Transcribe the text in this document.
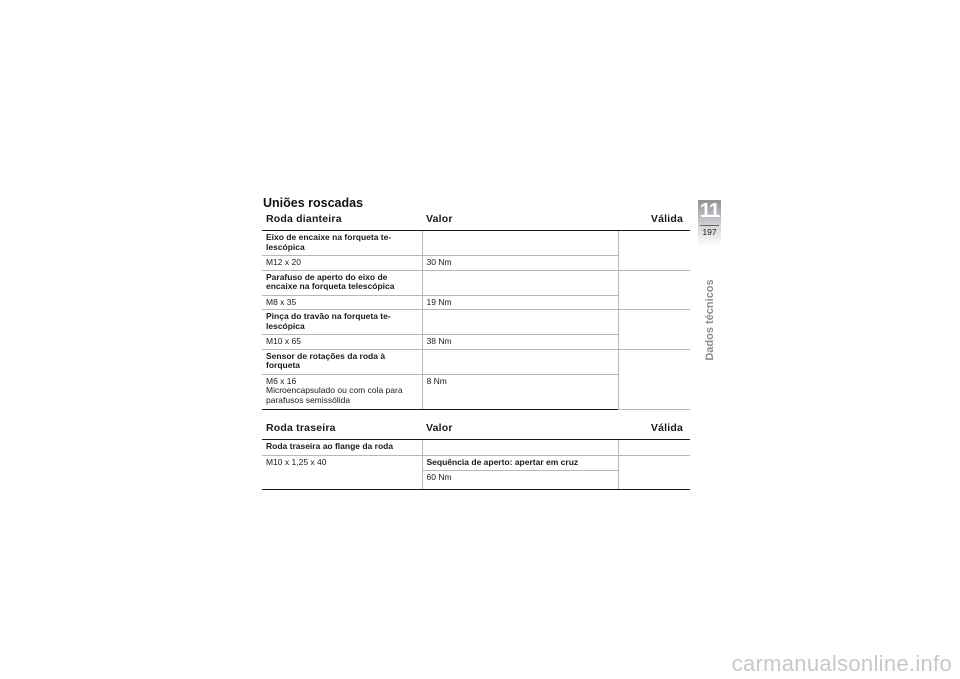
Uniões roscadas
Roda dianteira	Valor	Válida
Eixo de encaixe na forqueta te-lescópica		
M12 x 20	30 Nm	
Parafuso de aperto do eixo de encaixe na forqueta telescópica		
M8 x 35	19 Nm	
Pinça do travão na forqueta te-lescópica		
M10 x 65	38 Nm	
Sensor de rotações da roda à forqueta		

M6 x 16
Microencapsulado ou com cola para parafusos semissólida	8 Nm	
Roda traseira	Valor	Válida
Roda traseira ao flange da roda		
M10 x 1,25 x 40	Sequência de aperto: apertar em cruz	
	60 Nm	
11
197
Dados técnicos
carmanualsonline.info
